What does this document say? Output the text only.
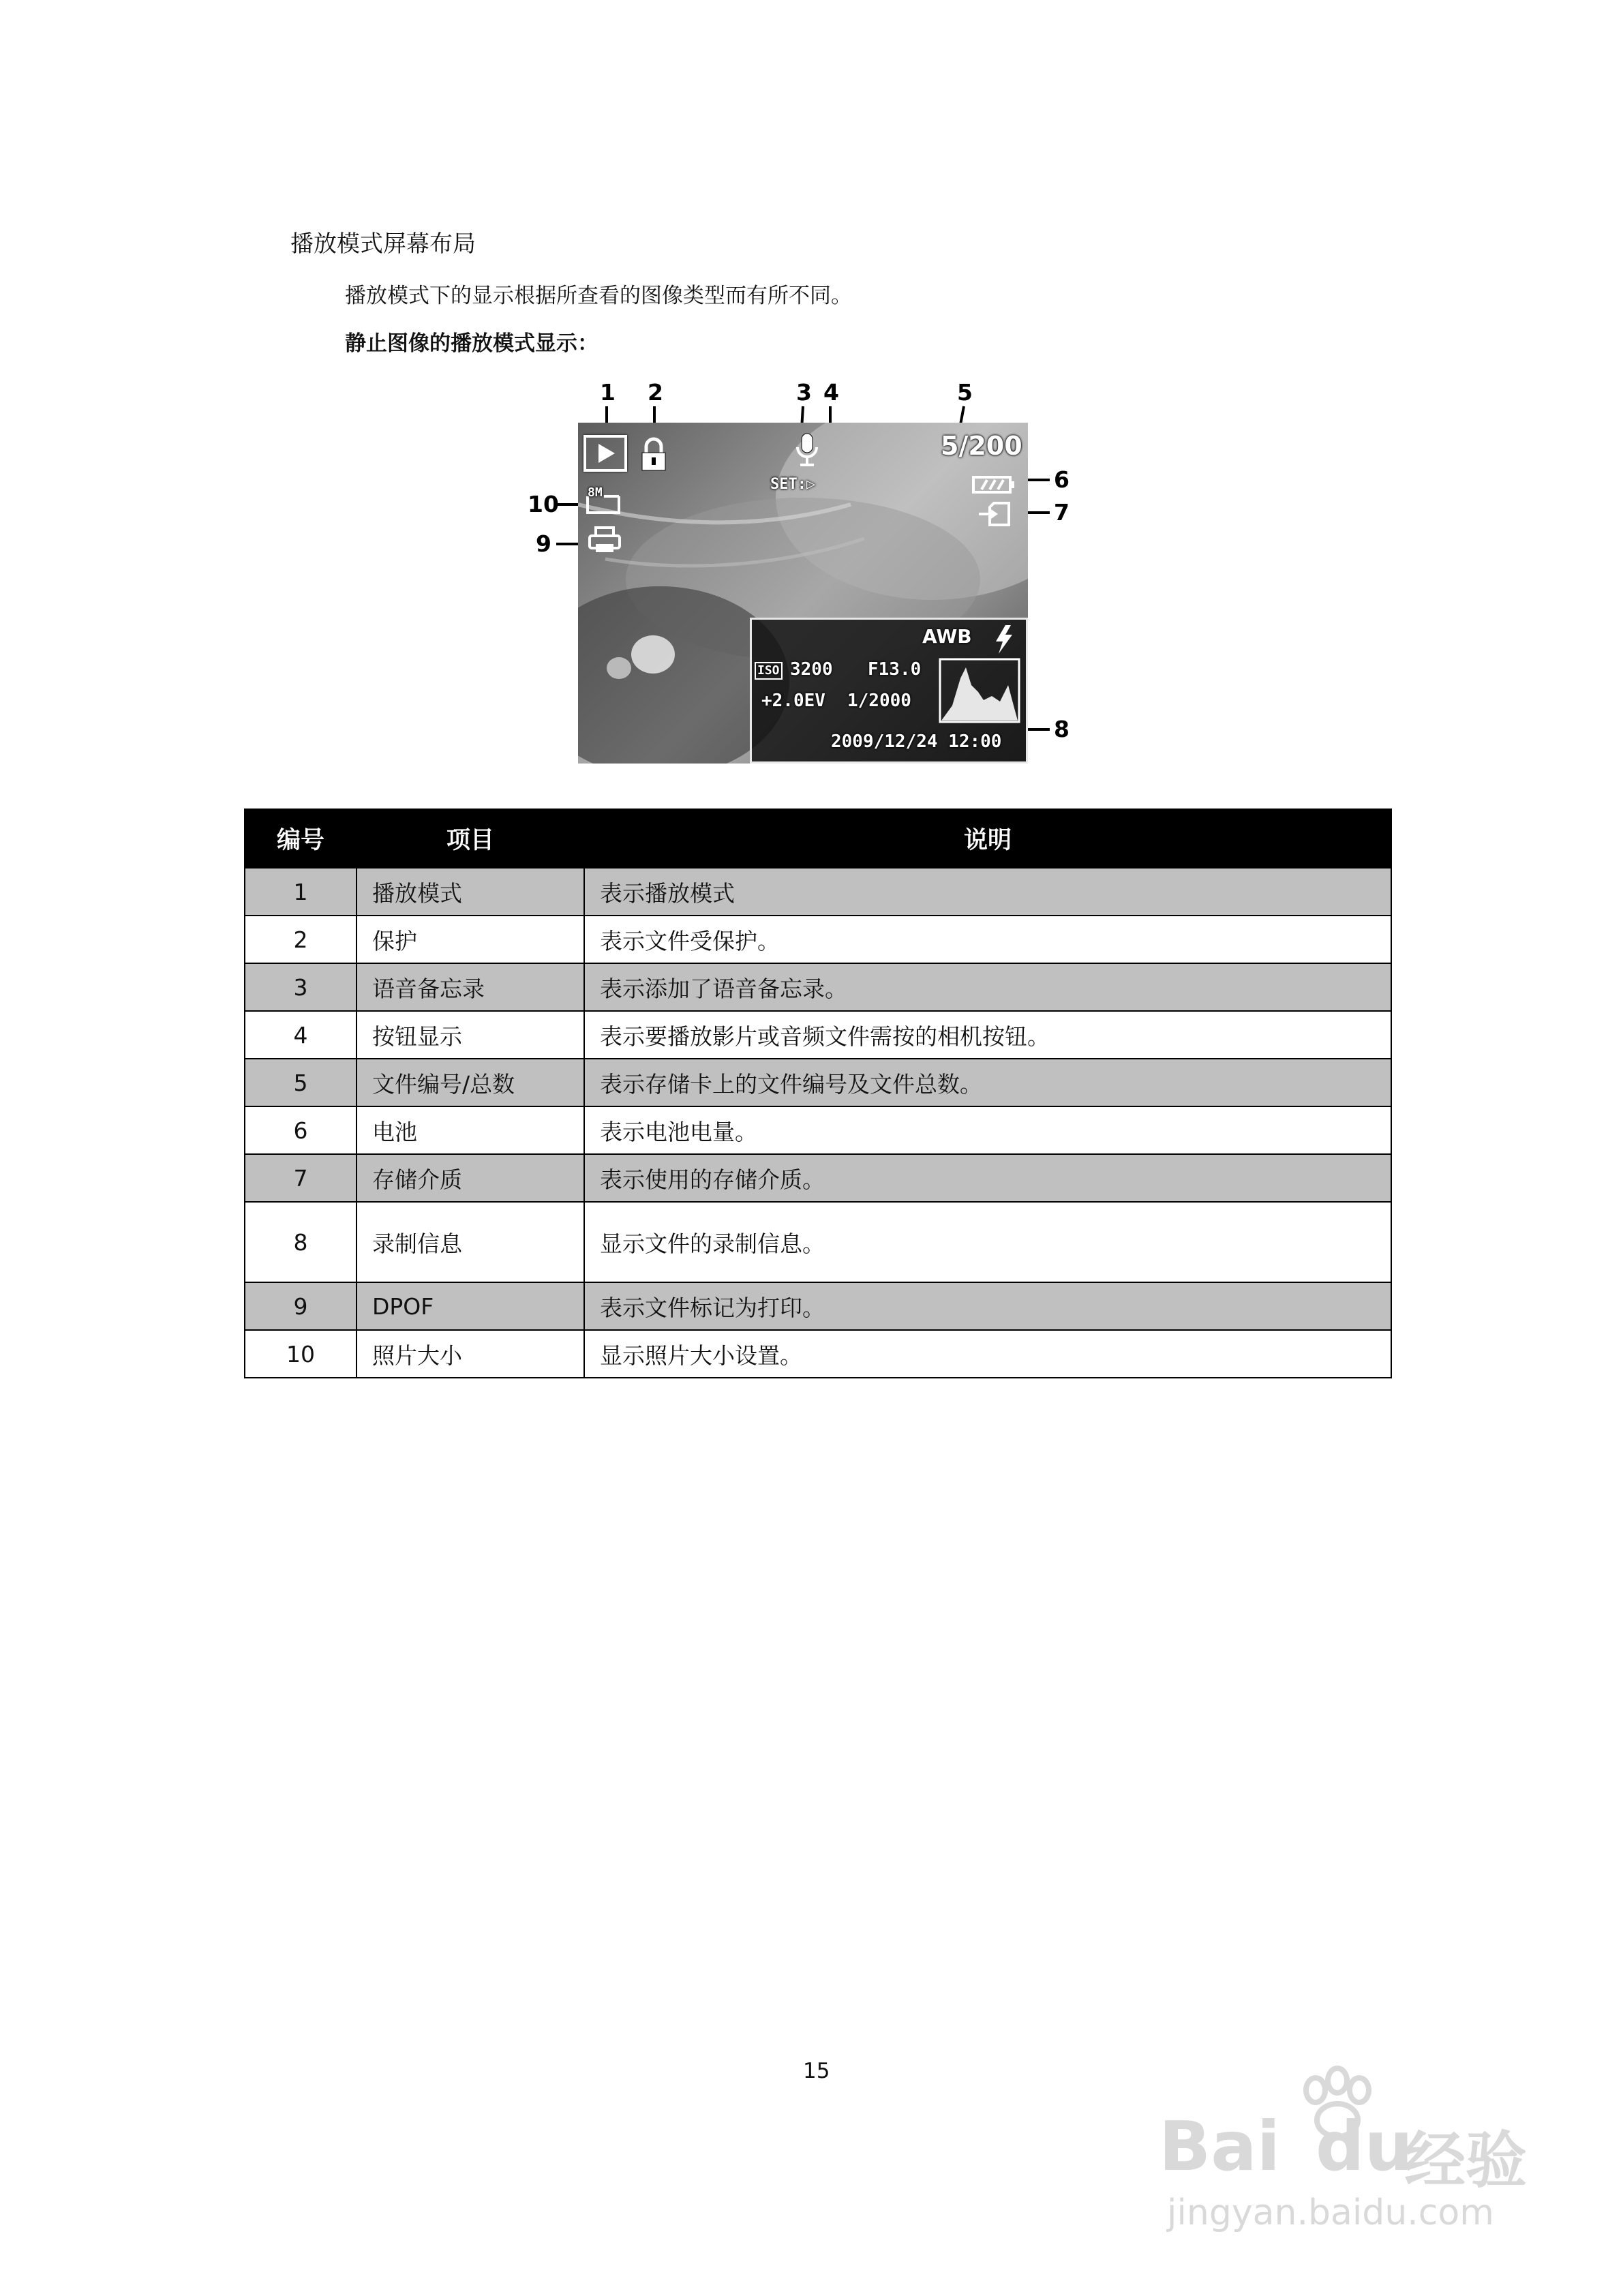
播放模式屏幕布局
播放模式下的显示根据所查看的图像类型而有所不同。
静止图像的播放模式显示：
1 2	3 4	5
6
7
8
9
10
SET:▷
5/200
8M
AWB
ISO 3200 F13.0
+2.0EV 1/2000
2009/12/24 12:00
编号	项目	说明
1	播放模式	表示播放模式
2	保护	表示文件受保护。
3	语音备忘录	表示添加了语音备忘录。
4	按钮显示	表示要播放影片或音频文件需按的相机按钮。
5	文件编号/总数	表示存储卡上的文件编号及文件总数。
6	电池	表示电池电量。
7	存储介质	表示使用的存储介质。
8	录制信息	显示文件的录制信息。
9	DPOF	表示文件标记为打印。
10	照片大小	显示照片大小设置。
15
Bai du
经验
jingyan.baidu.com
